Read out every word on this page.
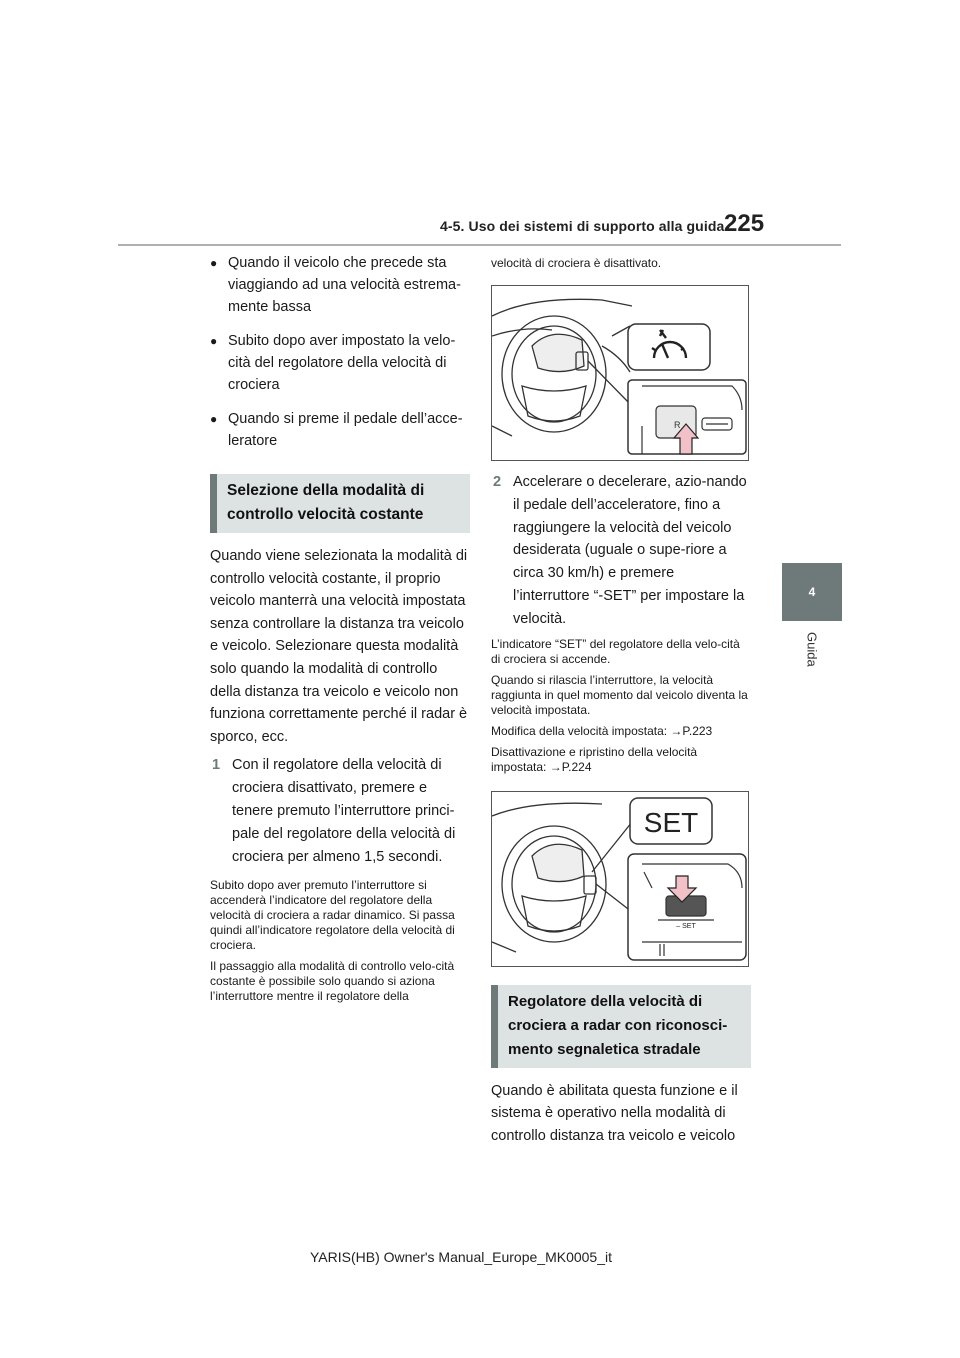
4-5. Uso dei sistemi di supporto alla guida 225
4
Guida
● Quando il veicolo che precede sta viaggiando ad una velocità estrema-mente bassa
● Subito dopo aver impostato la velo-cità del regolatore della velocità di crociera
● Quando si preme il pedale dell’acce-leratore
Selezione della modalità di controllo velocità costante

Quando viene selezionata la modalità di controllo velocità costante, il proprio veicolo manterrà una velocità impostata senza controllare la distanza tra veicolo e veicolo. Selezionare questa modalità solo quando la modalità di controllo della distanza tra veicolo e veicolo non funziona correttamente perché il radar è sporco, ecc.

1 Con il regolatore della velocità di crociera disattivato, premere e tenere premuto l’interruttore princi-pale del regolatore della velocità di crociera per almeno 1,5 secondi.

Subito dopo aver premuto l’interruttore si accenderà l’indicatore del regolatore della velocità di crociera a radar dinamico. Si passa quindi all’indicatore regolatore della velocità di crociera.

Il passaggio alla modalità di controllo velo-cità costante è possibile solo quando si aziona l’interruttore mentre il regolatore della

velocità di crociera è disattivato.

R
2 Accelerare o decelerare, azio-nando il pedale dell’acceleratore, fino a raggiungere la velocità del veicolo desiderata (uguale o supe-riore a circa 30 km/h) e premere l’interruttore “-SET” per impostare la velocità.

L’indicatore “SET” del regolatore della velo-cità di crociera si accende.

Quando si rilascia l’interruttore, la velocità raggiunta in quel momento dal veicolo diventa la velocità impostata.

Modifica della velocità impostata: →P.223

Disattivazione e ripristino della velocità impostata: →P.224

SET
– SET
Regolatore della velocità di crociera a radar con riconosci-mento segnaletica stradale

Quando è abilitata questa funzione e il sistema è operativo nella modalità di controllo distanza tra veicolo e veicolo

YARIS(HB) Owner's Manual_Europe_MK0005_it
